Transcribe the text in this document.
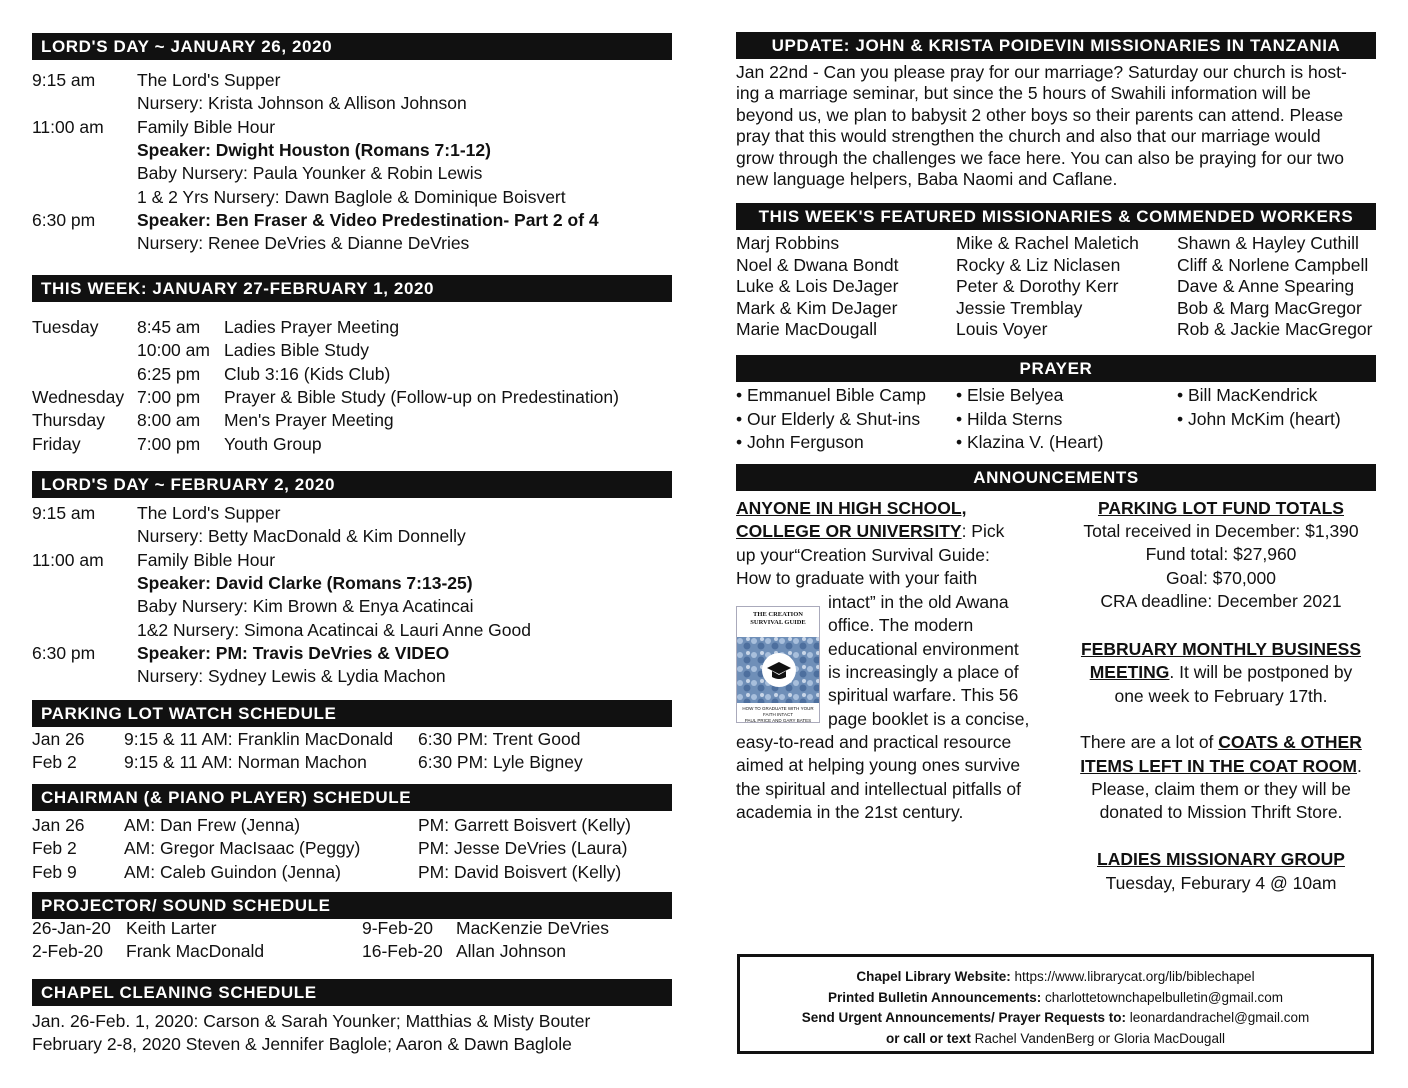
LORD'S DAY ~ JANUARY 26, 2020
9:15 am The Lord's Supper
Nursery: Krista Johnson & Allison Johnson
11:00 am Family Bible Hour
Speaker: Dwight Houston (Romans 7:1-12)
Baby Nursery: Paula Younker & Robin Lewis
1 & 2 Yrs Nursery: Dawn Baglole & Dominique Boisvert
6:30 pm Speaker: Ben Fraser & Video Predestination- Part 2 of 4
Nursery: Renee DeVries & Dianne DeVries
THIS WEEK: JANUARY 27-FEBRUARY 1, 2020
Tuesday 8:45 am Ladies Prayer Meeting
10:00 am Ladies Bible Study
6:25 pm Club 3:16 (Kids Club)
Wednesday 7:00 pm Prayer & Bible Study (Follow-up on Predestination)
Thursday 8:00 am Men's Prayer Meeting
Friday	7:00 pm Youth Group
LORD'S DAY ~ FEBRUARY 2, 2020
9:15 am The Lord's Supper
Nursery: Betty MacDonald & Kim Donnelly
11:00 am Family Bible Hour
Speaker: David Clarke (Romans 7:13-25)
Baby Nursery: Kim Brown & Enya Acatincai
1&2 Nursery: Simona Acatincai & Lauri Anne Good
6:30 pm Speaker: PM: Travis DeVries & VIDEO
Nursery: Sydney Lewis & Lydia Machon
PARKING LOT WATCH SCHEDULE
Jan 26 9:15 & 11 AM: Franklin MacDonald 6:30 PM: Trent Good
Feb 2	9:15 & 11 AM: Norman Machon	6:30 PM: Lyle Bigney
CHAIRMAN (& PIANO PLAYER) SCHEDULE
Jan 26 AM: Dan Frew (Jenna)	PM: Garrett Boisvert (Kelly)
Feb 2	AM: Gregor MacIsaac (Peggy)	PM: Jesse DeVries (Laura)
Feb 9	AM: Caleb Guindon (Jenna)	PM: David Boisvert (Kelly)
PROJECTOR/ SOUND SCHEDULE
26-Jan-20 Keith Larter	9-Feb-20 MacKenzie DeVries
2-Feb-20 Frank MacDonald	16-Feb-20 Allan Johnson
CHAPEL CLEANING SCHEDULE
Jan. 26-Feb. 1, 2020: Carson & Sarah Younker; Matthias & Misty Bouter
February 2-8, 2020 Steven & Jennifer Baglole; Aaron & Dawn Baglole
UPDATE: JOHN & KRISTA POIDEVIN MISSIONARIES IN TANZANIA
Jan 22nd - Can you please pray for our marriage? Saturday our church is host-
ing a marriage seminar, but since the 5 hours of Swahili information will be
beyond us, we plan to babysit 2 other boys so their parents can attend. Please
pray that this would strengthen the church and also that our marriage would
grow through the challenges we face here. You can also be praying for our two
new language helpers, Baba Naomi and Caflane.
THIS WEEK'S FEATURED MISSIONARIES & COMMENDED WORKERS
Marj Robbins
Noel & Dwana Bondt
Luke & Lois DeJager
Mark & Kim DeJager
Marie MacDougall
Mike & Rachel Maletich
Rocky & Liz Niclasen
Peter & Dorothy Kerr
Jessie Tremblay
Louis Voyer
Shawn & Hayley Cuthill
Cliff & Norlene Campbell
Dave & Anne Spearing
Bob & Marg MacGregor
Rob & Jackie MacGregor
PRAYER
• Emmanuel Bible Camp
• Our Elderly & Shut-ins
• John Ferguson
• Elsie Belyea
• Hilda Sterns
• Klazina V. (Heart)
• Bill MacKendrick
• John McKim (heart)
ANNOUNCEMENTS
ANYONE IN HIGH SCHOOL,
COLLEGE OR UNIVERSITY: Pick
up your“Creation Survival Guide:
How to graduate with your faith
intact” in the old Awana
office. The modern
educational environment
is increasingly a place of
spiritual warfare. This 56
page booklet is a concise,
easy-to-read and practical resource
aimed at helping young ones survive
the spiritual and intellectual pitfalls of
academia in the 21st century.
THE CREATION SURVIVAL GUIDE
HOW TO GRADUATE WITH YOUR FAITH INTACT
PAUL PRICE AND GARY BATES
PARKING LOT FUND TOTALS
Total received in December: $1,390
Fund total: $27,960
Goal: $70,000
CRA deadline: December 2021
FEBRUARY MONTHLY BUSINESS
MEETING. It will be postponed by
one week to February 17th.
There are a lot of COATS & OTHER
ITEMS LEFT IN THE COAT ROOM.
Please, claim them or they will be
donated to Mission Thrift Store.
LADIES MISSIONARY GROUP
Tuesday, Feburary 4 @ 10am
Chapel Library Website: https://www.librarycat.org/lib/biblechapel
Printed Bulletin Announcements: charlottetownchapelbulletin@gmail.com
Send Urgent Announcements/ Prayer Requests to: leonardandrachel@gmail.com
or call or text Rachel VandenBerg or Gloria MacDougall
